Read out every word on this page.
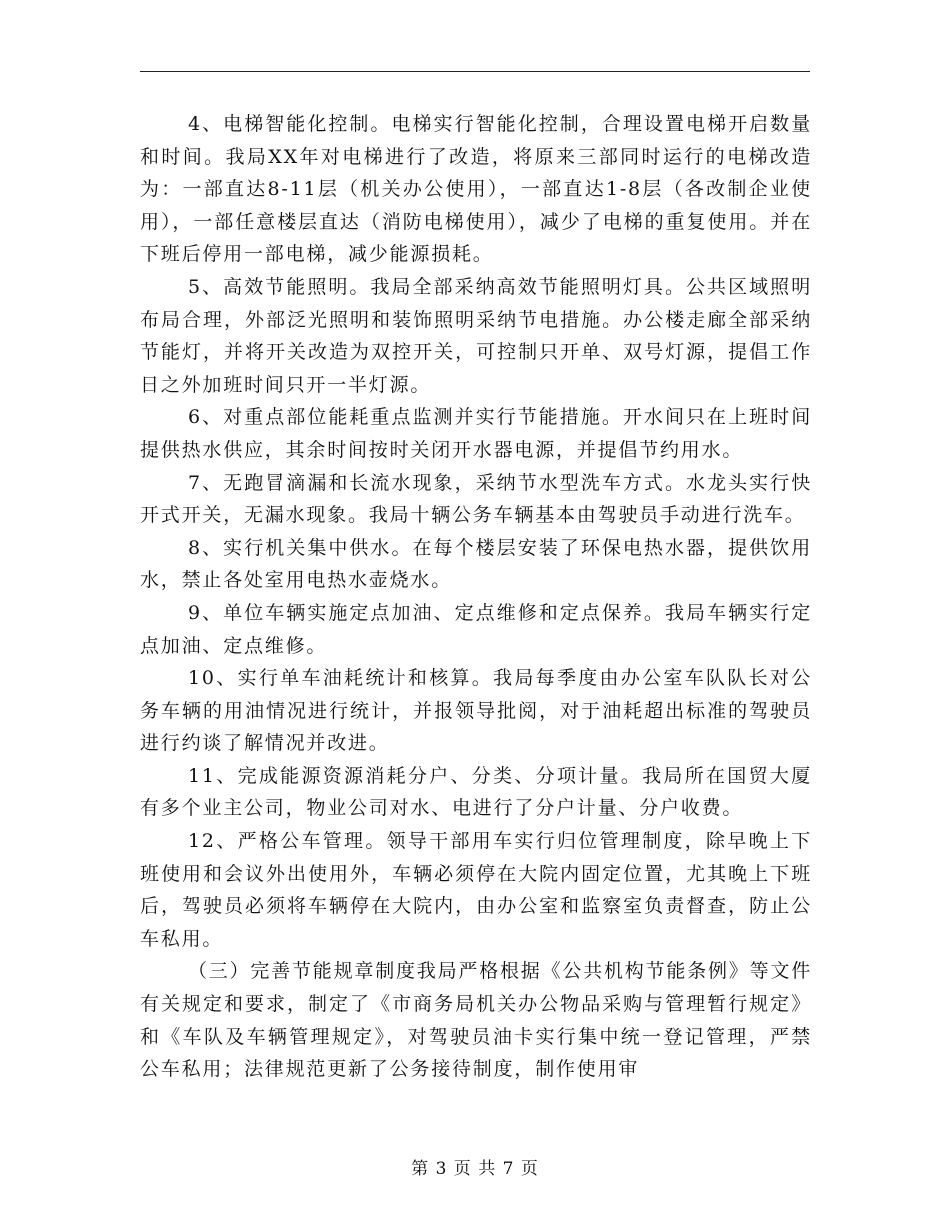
4、电梯智能化控制。电梯实行智能化控制，合理设置电梯开启数量和时间。我局XX年对电梯进行了改造，将原来三部同时运行的电梯改造为：一部直达8-11层（机关办公使用），一部直达1-8层（各改制企业使用），一部任意楼层直达（消防电梯使用），减少了电梯的重复使用。并在下班后停用一部电梯，减少能源损耗。

5、高效节能照明。我局全部采纳高效节能照明灯具。公共区域照明布局合理，外部泛光照明和装饰照明采纳节电措施。办公楼走廊全部采纳节能灯，并将开关改造为双控开关，可控制只开单、双号灯源，提倡工作日之外加班时间只开一半灯源。

6、对重点部位能耗重点监测并实行节能措施。开水间只在上班时间提供热水供应，其余时间按时关闭开水器电源，并提倡节约用水。

7、无跑冒滴漏和长流水现象，采纳节水型洗车方式。水龙头实行快开式开关，无漏水现象。我局十辆公务车辆基本由驾驶员手动进行洗车。

8、实行机关集中供水。在每个楼层安装了环保电热水器，提供饮用水，禁止各处室用电热水壶烧水。

9、单位车辆实施定点加油、定点维修和定点保养。我局车辆实行定点加油、定点维修。

10、实行单车油耗统计和核算。我局每季度由办公室车队队长对公务车辆的用油情况进行统计，并报领导批阅，对于油耗超出标准的驾驶员进行约谈了解情况并改进。

11、完成能源资源消耗分户、分类、分项计量。我局所在国贸大厦有多个业主公司，物业公司对水、电进行了分户计量、分户收费。

12、严格公车管理。领导干部用车实行归位管理制度，除早晚上下班使用和会议外出使用外，车辆必须停在大院内固定位置，尤其晚上下班后，驾驶员必须将车辆停在大院内，由办公室和监察室负责督查，防止公车私用。

（三）完善节能规章制度我局严格根据《公共机构节能条例》等文件有关规定和要求，制定了《市商务局机关办公物品采购与管理暂行规定》和《车队及车辆管理规定》，对驾驶员油卡实行集中统一登记管理，严禁公车私用；法律规范更新了公务接待制度，制作使用审

第 3 页 共 7 页
